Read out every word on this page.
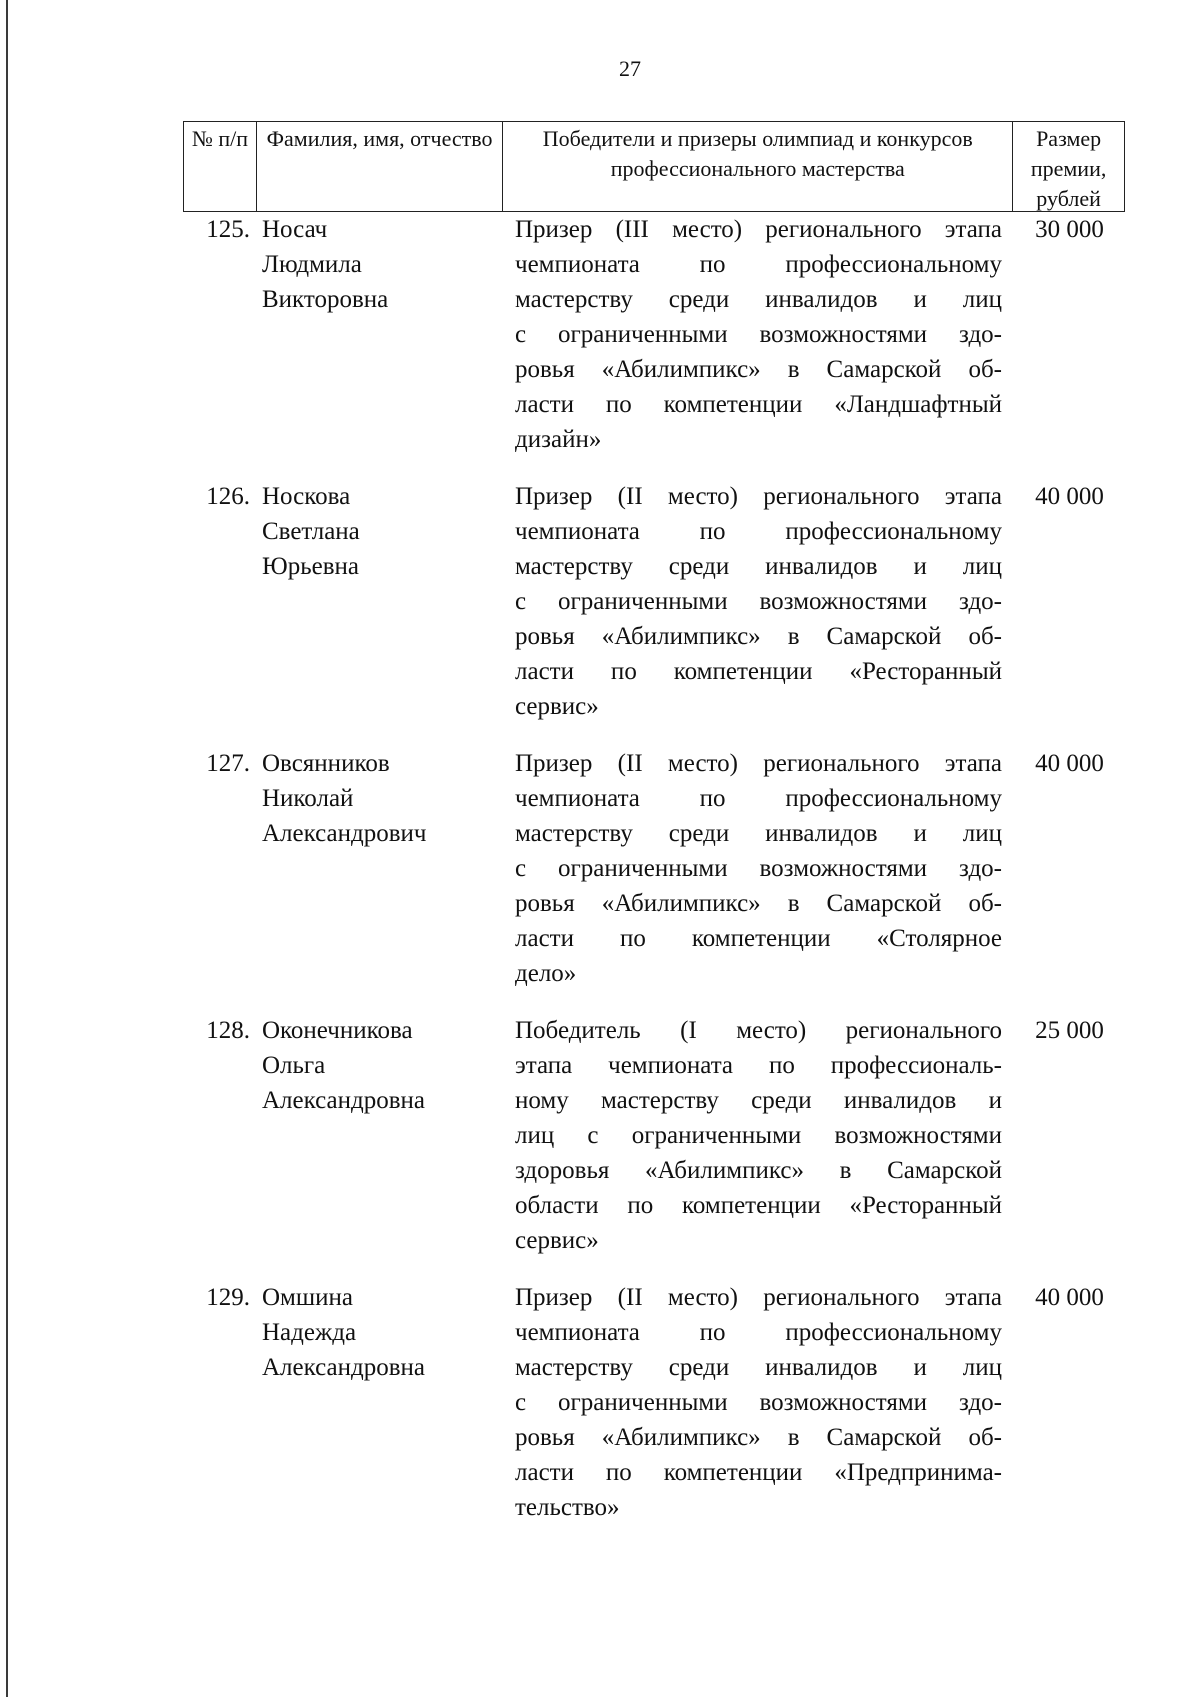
27
№ п/п Фамилия, имя, отчество	Победители и призеры олимпиад и конкурсов профессионального мастерства
Размер премии, рублей
125. Носач
Людмила
Викторовна
Призер (III место) регионального этапа
чемпионата по профессиональному
мастерству среди инвалидов и лиц
с ограниченными возможностями здо-
ровья «Абилимпикс» в Самарской об-
ласти по компетенции «Ландшафтный
дизайн»
30 000
126. Носкова
Светлана
Юрьевна
Призер (II место) регионального этапа
чемпионата по профессиональному
мастерству среди инвалидов и лиц
с ограниченными возможностями здо-
ровья «Абилимпикс» в Самарской об-
ласти по компетенции «Ресторанный
сервис»
40 000
127. Овсянников
Николай
Александрович
Призер (II место) регионального этапа
чемпионата по профессиональному
мастерству среди инвалидов и лиц
с ограниченными возможностями здо-
ровья «Абилимпикс» в Самарской об-
ласти по компетенции «Столярное
дело»
40 000
128. Оконечникова
Ольга
Александровна
Победитель (I место) регионального
этапа чемпионата по профессиональ-
ному мастерству среди инвалидов и
лиц с ограниченными возможностями
здоровья «Абилимпикс» в Самарской
области по компетенции «Ресторанный
сервис»
25 000
129. Омшина
Надежда
Александровна
Призер (II место) регионального этапа
чемпионата по профессиональному
мастерству среди инвалидов и лиц
с ограниченными возможностями здо-
ровья «Абилимпикс» в Самарской об-
ласти по компетенции «Предпринима-
тельство»
40 000
